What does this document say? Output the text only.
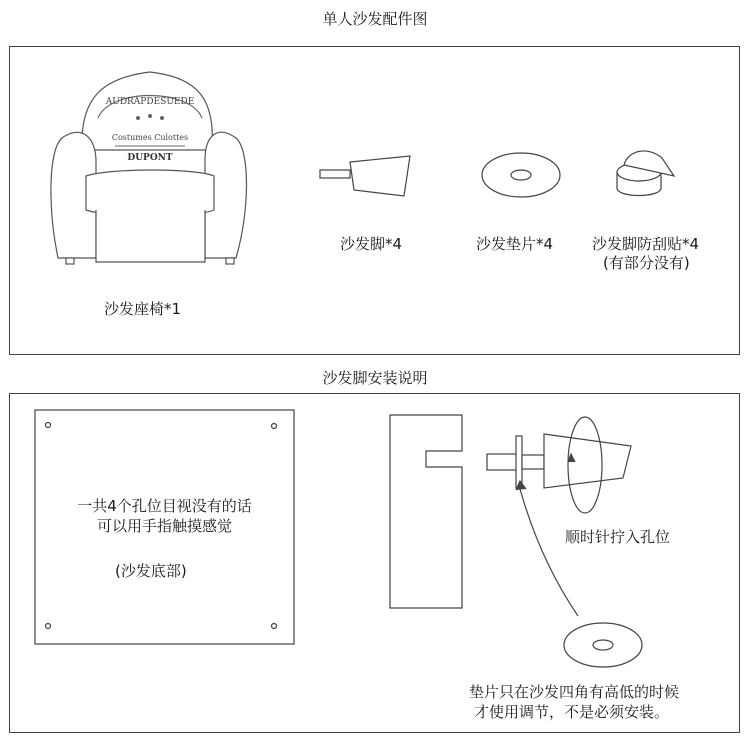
单人沙发配件图
沙发脚安装说明
AUDRAPDESUEDE
Costumes Culottes
DUPONT
沙发座椅*1
沙发脚*4	沙发垫片*4	沙发脚防刮贴*4
(有部分没有)
一共4个孔位目视没有的话
可以用手指触摸感觉
(沙发底部)
顺时针拧入孔位
垫片只在沙发四角有高低的时候
才使用调节，不是必须安装。
